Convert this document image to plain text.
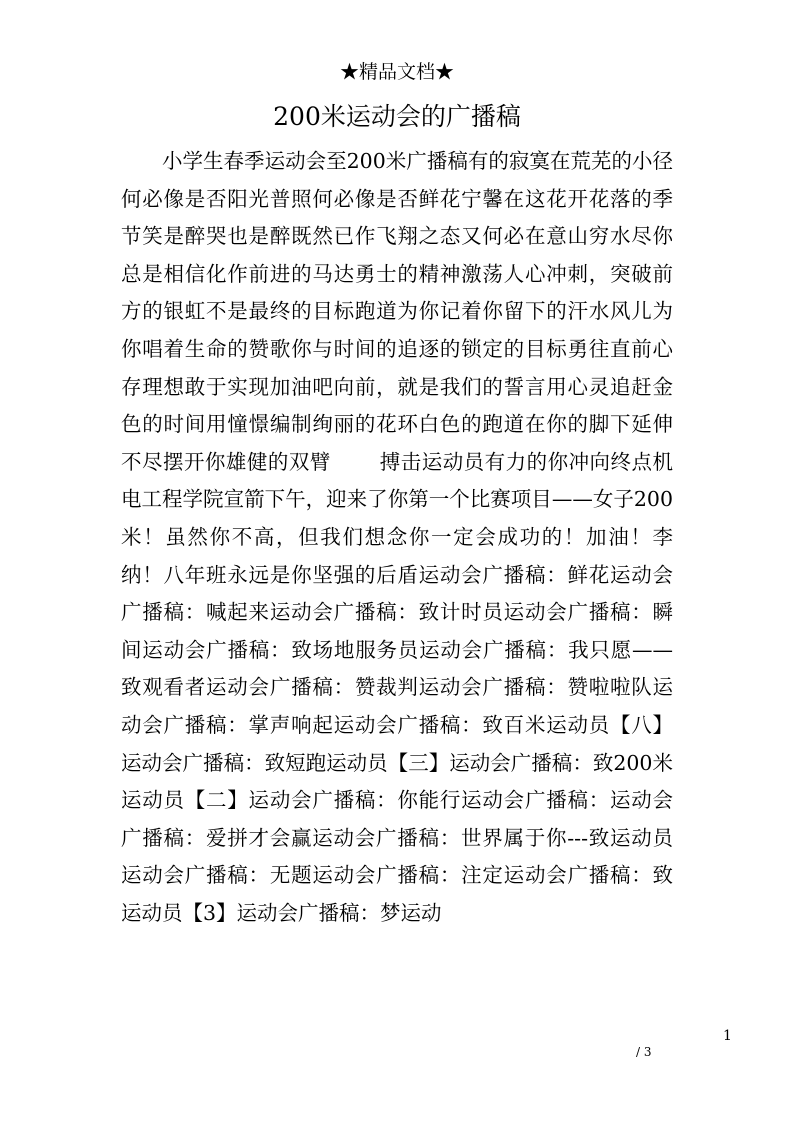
★精品文档★
200米运动会的广播稿
小学生春季运动会至200米广播稿有的寂寞在荒芜的小径何必像是否阳光普照何必像是否鲜花宁馨在这花开花落的季节笑是醉哭也是醉既然已作飞翔之态又何必在意山穷水尽你总是相信化作前进的马达勇士的精神激荡人心冲刺，突破前方的银虹不是最终的目标跑道为你记着你留下的汗水风儿为你唱着生命的赞歌你与时间的追逐的锁定的目标勇往直前心存理想敢于实现加油吧向前，就是我们的誓言用心灵追赶金色的时间用憧憬编制绚丽的花环白色的跑道在你的脚下延伸不尽摆开你雄健的双臂　　 搏击运动员有力的你冲向终点机电工程学院宣箭下午，迎来了你第一个比赛项目——女子200米！虽然你不高，但我们想念你一定会成功的！加油！李纳！八年班永远是你坚强的后盾运动会广播稿：鲜花运动会广播稿：喊起来运动会广播稿：致计时员运动会广播稿：瞬间运动会广播稿：致场地服务员运动会广播稿：我只愿——致观看者运动会广播稿：赞裁判运动会广播稿：赞啦啦队运动会广播稿：掌声响起运动会广播稿：致百米运动员【八】运动会广播稿：致短跑运动员【三】运动会广播稿：致200米运动员【二】运动会广播稿：你能行运动会广播稿：运动会广播稿：爱拼才会赢运动会广播稿：世界属于你---致运动员运动会广播稿：无题运动会广播稿：注定运动会广播稿：致运动员【3】运动会广播稿：梦运动
1
/ 3
